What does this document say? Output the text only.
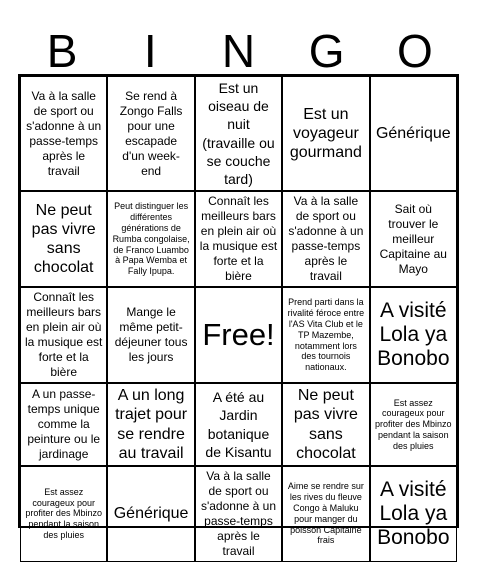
B	I	N	G	O
Va à la salle de sport ou s'adonne à un passe-temps après le travail
Se rend à Zongo Falls pour une escapade d'un week-end
Est un oiseau de nuit (travaille ou se couche tard)
Est un voyageur gourmand
Générique
Ne peut pas vivre sans chocolat
Peut distinguer les différentes générations de Rumba congolaise, de Franco Luambo à Papa Wemba et Fally Ipupa.
Connaît les meilleurs bars en plein air où la musique est forte et la bière
Va à la salle de sport ou s'adonne à un passe-temps après le travail
Sait où trouver le meilleur Capitaine au Mayo
Connaît les meilleurs bars en plein air où la musique est forte et la bière
Mange le même petit-déjeuner tous les jours
Free!
Prend parti dans la rivalité féroce entre l'AS Vita Club et le TP Mazembe, notamment lors des tournois nationaux.
A visité Lola ya Bonobo
A un passe-temps unique comme la peinture ou le jardinage
A un long trajet pour se rendre au travail
A été au Jardin botanique de Kisantu
Ne peut pas vivre sans chocolat
Est assez courageux pour profiter des Mbinzo pendant la saison des pluies
Est assez courageux pour profiter des Mbinzo pendant la saison des pluies
Générique
Va à la salle de sport ou s'adonne à un passe-temps après le travail
Aime se rendre sur les rives du fleuve Congo à Maluku pour manger du poisson Capitaine frais
A visité Lola ya Bonobo
